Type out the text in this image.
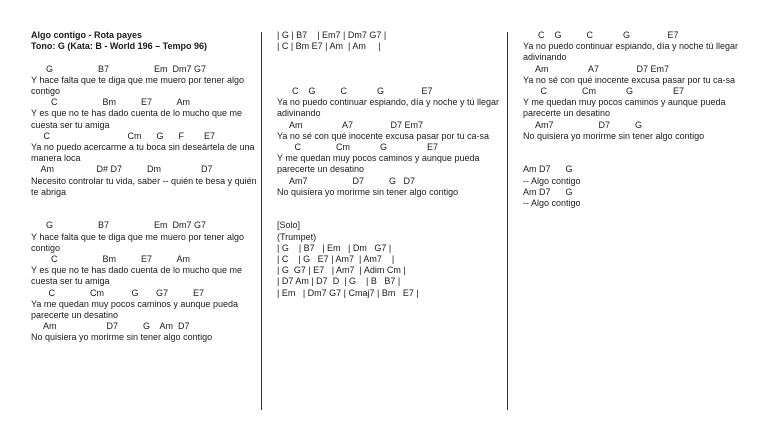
Algo contigo - Rota payes
Tono: G (Kata: B - World 196 – Tempo 96)
G                  B7                  Em  Dm7 G7
Y hace falta que te diga que me muero por tener algo contigo
C                  Bm          E7          Am
Y es que no te has dado cuenta de lo mucho que me cuesta ser tu amiga
C                               Cm      G      F        E7
Ya no puedo acercarme a tu boca sin deseártela de una manera loca
Am                 D# D7          Dm                D7
Necesito controlar tu vida, saber -- quién te besa y quién te abriga
G                  B7                  Em  Dm7 G7
Y hace falta que te diga que me muero por tener algo contigo
C                  Bm          E7          Am
Y es que no te has dado cuenta de lo mucho que me cuesta ser tu amiga
C              Cm           G       G7          E7
Ya me quedan muy pocos caminos y aunque pueda parecerte un desatino
Am                    D7          G    Am  D7
No quisiera yo morirme sin tener algo contigo
| G | B7    | Em7 | Dm7 G7 |
| C | Bm E7 | Am  | Am     |
C    G          C            G               E7
Ya no puedo continuar espiando, día y noche y tú llegar adivinando
Am                A7               D7 Em7
Ya no sé con qué inocente excusa pasar por tu ca-sa
C              Cm            G                E7
Y me quedan muy pocos caminos y aunque pueda parecerte un desatino
Am7                  D7          G   D7
No quisiera yo morirme sin tener algo contigo
[Solo]
(Trumpet)
| G    | B7   | Em   | Dm   G7 |
| C    | G   E7 | Am7  | Am7    |
| G  G7 | E7   | Am7  | Adim Cm |
| D7 Am | D7  D  | G    | B   B7 |
| Em   | Dm7 G7 | Cmaj7 | Bm   E7 |
C    G          C            G               E7
Ya no puedo continuar espiando, día y noche tú llegar adivinando
Am                A7               D7 Em7
Ya no sé con qué inocente excusa pasar por tu ca-sa
C              Cm            G                E7
Y me quedan muy pocos caminos y aunque pueda parecerte un desatino
Am7                  D7          G
No quisiera yo morirme sin tener algo contigo
Am D7      G
-- Algo contigo
Am D7      G
-- Algo contigo
